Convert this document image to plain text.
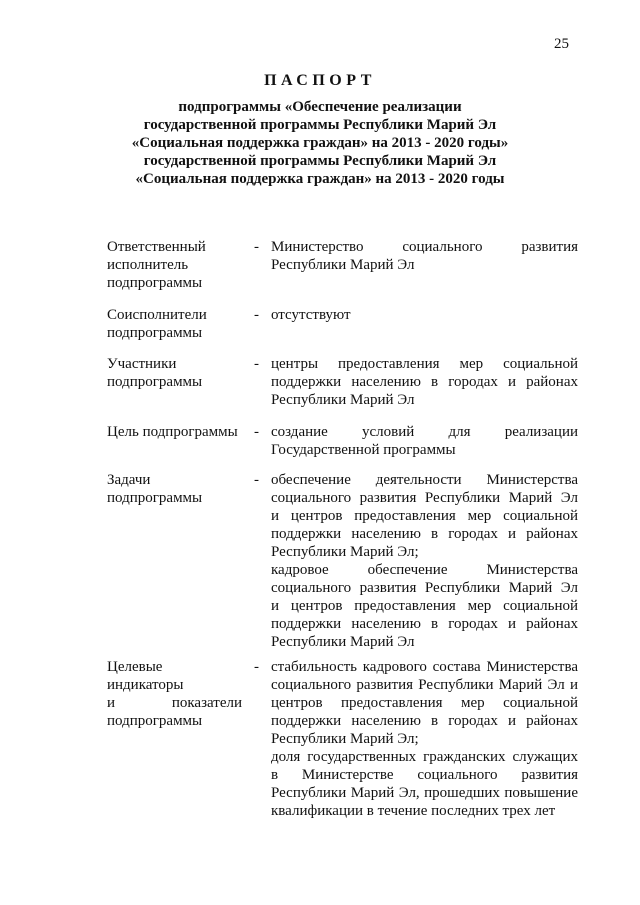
25
ПАСПОРТ
подпрограммы «Обеспечение реализации
государственной программы Республики Марий Эл
«Социальная поддержка граждан» на 2013 - 2020 годы»
государственной программы Республики Марий Эл
«Социальная поддержка граждан» на 2013 - 2020 годы
Ответственный
исполнитель
подпрограммы
- Министерство социального развития
Республики Марий Эл
Соисполнители
подпрограммы
- отсутствуют
Участники
подпрограммы
- центры предоставления мер социальной
поддержки населению в городах и районах
Республики Марий Эл
Цель подпрограммы - создание условий для реализации
Государственной программы
Задачи
подпрограммы
- обеспечение деятельности Министерства
социального развития Республики Марий Эл
и центров предоставления мер социальной
поддержки населению в городах и районах
Республики Марий Эл;
кадровое обеспечение Министерства
социального развития Республики Марий Эл
и центров предоставления мер социальной
поддержки населению в городах и районах
Республики Марий Эл
Целевые
индикаторы
и показатели
подпрограммы
- стабильность кадрового состава Министерства
социального развития Республики Марий Эл и
центров предоставления мер социальной
поддержки населению в городах и районах
Республики Марий Эл;
доля государственных гражданских служащих
в Министерстве социального развития
Республики Марий Эл, прошедших повышение
квалификации в течение последних трех лет
